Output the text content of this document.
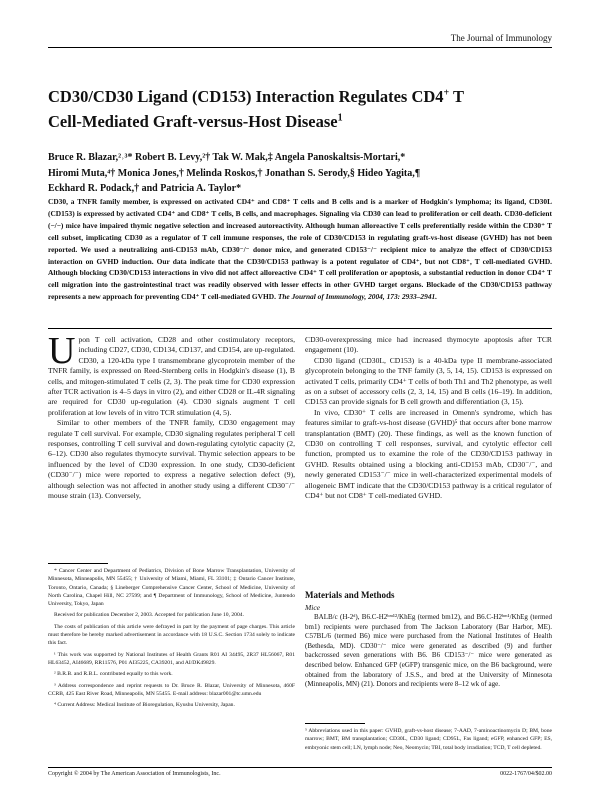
The Journal of Immunology
CD30/CD30 Ligand (CD153) Interaction Regulates CD4+ T
Cell-Mediated Graft-versus-Host Disease$^1$
Bruce R. Blazar,²˒³* Robert B. Levy,²† Tak W. Mak,‡ Angela Panoskaltsis-Mortari,*
Hiromi Muta,⁴† Monica Jones,† Melinda Roskos,† Jonathan S. Serody,§ Hideo Yagita,¶
Eckhard R. Podack,† and Patricia A. Taylor*
CD30, a TNFR family member, is expressed on activated CD4⁺ and CD8⁺ T cells and B cells and is a marker of Hodgkin's lymphoma; its ligand, CD30L (CD153) is expressed by activated CD4⁺ and CD8⁺ T cells, B cells, and macrophages. Signaling via CD30 can lead to proliferation or cell death. CD30-deficient (−/−) mice have impaired thymic negative selection and increased autoreactivity. Although human alloreactive T cells preferentially reside within the CD30⁺ T cell subset, implicating CD30 as a regulator of T cell immune responses, the role of CD30/CD153 in regulating graft-vs-host disease (GVHD) has not been reported. We used a neutralizing anti-CD153 mAb, CD30⁻/⁻ donor mice, and generated CD153⁻/⁻ recipient mice to analyze the effect of CD30/CD153 interaction on GVHD induction. Our data indicate that the CD30/CD153 pathway is a potent regulator of CD4⁺, but not CD8⁺, T cell-mediated GVHD. Although blocking CD30/CD153 interactions in vivo did not affect alloreactive CD4⁺ T cell proliferation or apoptosis, a substantial reduction in donor CD4⁺ T cell migration into the gastrointestinal tract was readily observed with lesser effects in other GVHD target organs. Blockade of the CD30/CD153 pathway represents a new approach for preventing CD4⁺ T cell-mediated GVHD. The Journal of Immunology, 2004, 173: 2933–2941.

Upon T cell activation, CD28 and other costimulatory receptors, including CD27, CD30, CD134, CD137, and CD154, are up-regulated. CD30, a 120-kDa type I transmembrane glycoprotein member of the TNFR family, is expressed on Reed-Sternberg cells in Hodgkin's disease (1), B cells, and mitogen-stimulated T cells (2, 3). The peak time for CD30 expression after TCR activation is 4–5 days in vitro (2), and either CD28 or IL-4R signaling are required for CD30 up-regulation (4). CD30 signals augment T cell proliferation at low levels of in vitro TCR stimulation (4, 5).

Similar to other members of the TNFR family, CD30 engagement may regulate T cell survival. For example, CD30 signaling regulates peripheral T cell responses, controlling T cell survival and down-regulating cytolytic capacity (2, 6–12). CD30 also regulates thymocyte survival. Thymic selection appears to be influenced by the level of CD30 expression. In one study, CD30-deficient (CD30⁻/⁻) mice were reported to express a negative selection defect (9), although selection was not affected in another study using a different CD30⁻/⁻ mouse strain (13). Conversely,

CD30-overexpressing mice had increased thymocyte apoptosis after TCR engagement (10).

CD30 ligand (CD30L, CD153) is a 40-kDa type II membrane-associated glycoprotein belonging to the TNF family (3, 5, 14, 15). CD153 is expressed on activated T cells, primarily CD4⁺ T cells of both Th1 and Th2 phenotype, as well as on a subset of accessory cells (2, 3, 14, 15) and B cells (16–19). In addition, CD153 can provide signals for B cell growth and differentiation (3, 15).

In vivo, CD30⁺ T cells are increased in Omenn's syndrome, which has features similar to graft-vs-host disease (GVHD)⁵ that occurs after bone marrow transplantation (BMT) (20). These findings, as well as the known function of CD30 on controlling T cell responses, survival, and cytolytic effector cell function, prompted us to examine the role of the CD30/CD153 pathway in GVHD. Results obtained using a blocking anti-CD153 mAb, CD30⁻/⁻, and newly generated CD153⁻/⁻ mice in well-characterized experimental models of allogeneic BMT indicate that the CD30/CD153 pathway is a critical regulator of CD4⁺ but not CD8⁺ T cell-mediated GVHD.

* Cancer Center and Department of Pediatrics, Division of Bone Marrow Transplantation, University of Minnesota, Minneapolis, MN 55455; † University of Miami, Miami, FL 33101; ‡ Ontario Cancer Institute, Toronto, Ontario, Canada; § Lineberger Comprehensive Cancer Center, School of Medicine, University of North Carolina, Chapel Hill, NC 27599; and ¶ Department of Immunology, School of Medicine, Juntendo University, Tokyo, Japan

Received for publication December 2, 2003. Accepted for publication June 10, 2004.

The costs of publication of this article were defrayed in part by the payment of page charges. This article must therefore be hereby marked advertisement in accordance with 18 U.S.C. Section 1734 solely to indicate this fact.

¹ This work was supported by National Institutes of Health Grants R01 AI 34495, 2R37 HL56067, R01 HL63452, AI46689, RR11576, P01 AI35225, CA39201, and AI/DK49829.

² B.R.B. and R.B.L. contributed equally to this work.

³ Address correspondence and reprint requests to Dr. Bruce R. Blazar, University of Minnesota, 460F CCRB, 425 East River Road, Minneapolis, MN 55455. E-mail address: blazar001@tc.umn.edu

⁴ Current Address: Medical Institute of Bioregulation, Kyushu University, Japan.

Materials and Methods
Mice

BALB/c (H-2ᵈ), B6.C-H2ᵇᵐ¹²/KhEg (termed bm12), and B6.C-H2ᵇᵐ¹/KhEg (termed bm1) recipients were purchased from The Jackson Laboratory (Bar Harbor, ME). C57BL/6 (termed B6) mice were purchased from the National Institutes of Health (Bethesda, MD). CD30⁻/⁻ mice were generated as described (9) and further backcrossed seven generations with B6. B6 CD153⁻/⁻ mice were generated as described below. Enhanced GFP (eGFP) transgenic mice, on the B6 background, were obtained from the laboratory of J.S.S., and bred at the University of Minnesota (Minneapolis, MN) (21). Donors and recipients were 8–12 wk of age.

⁵ Abbreviations used in this paper: GVHD, graft-vs-host disease; 7-AAD, 7-aminoactinomycin D; BM, bone marrow; BMT, BM transplantation; CD30L, CD30 ligand; CD95L, Fas ligand; eGFP, enhanced GFP; ES, embryonic stem cell; LN, lymph node; Neo, Neomycin; TBI, total body irradiation; TCD, T cell depleted.
Copyright © 2004 by The American Association of Immunologists, Inc.	0022-1767/04/$02.00
